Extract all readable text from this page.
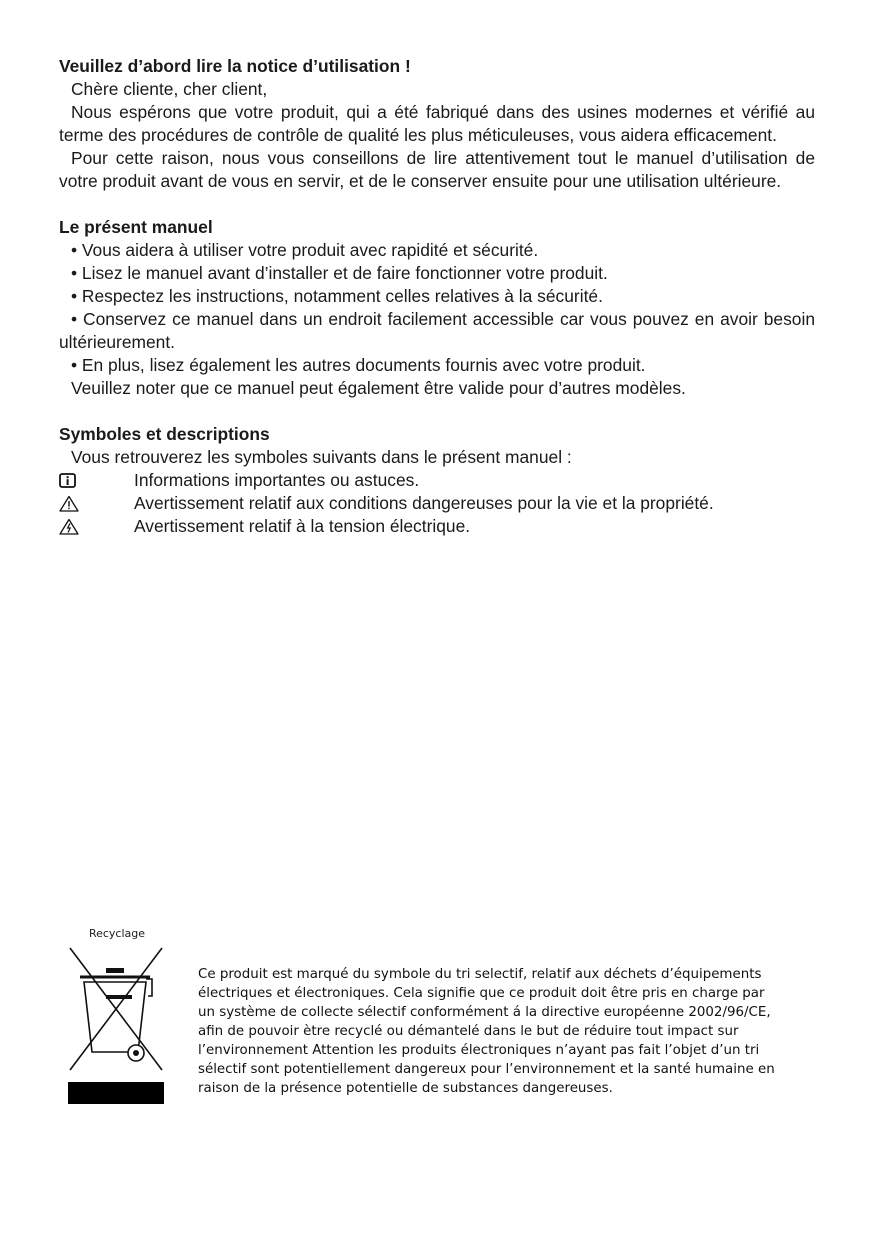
Veuillez d’abord lire la notice d’utilisation !

Chère cliente, cher client,

Nous espérons que votre produit, qui a été fabriqué dans des usines modernes et vérifié au terme des procédures de contrôle de qualité les plus méticuleuses, vous aidera efficacement.

Pour cette raison, nous vous conseillons de lire attentivement tout le manuel d’utilisation de votre produit avant de vous en servir, et de le conserver ensuite pour une utilisation ultérieure.

Le présent manuel
• Vous aidera à utiliser votre produit avec rapidité et sécurité.
• Lisez le manuel avant d’installer et de faire fonctionner votre produit.
• Respectez les instructions, notamment celles relatives à la sécurité.
• Conservez ce manuel dans un endroit facilement accessible car vous pouvez en avoir besoin ultérieurement.
• En plus, lisez également les autres documents fournis avec votre produit.

Veuillez noter que ce manuel peut également être valide pour d’autres modèles.

Symboles et descriptions

Vous retrouverez les symboles suivants dans le présent manuel :

Informations importantes ou astuces.
Avertissement relatif aux conditions dangereuses pour la vie et la propriété.
Avertissement relatif à la tension électrique.
Recyclage
Ce produit est marqué du symbole du tri selectif, relatif aux déchets d’équipements
électriques et électroniques. Cela signifie que ce produit doit être pris en charge par
un système de collecte sélectif conformément á la directive européenne 2002/96/CE,
afin de pouvoir ètre recyclé ou démantelé dans le but de réduire tout impact sur
l’environnement Attention les produits électroniques n’ayant pas fait l’objet d’un tri
sélectif sont potentiellement dangereux pour l’environnement et la santé humaine en
raison de la présence potentielle de substances dangereuses.
